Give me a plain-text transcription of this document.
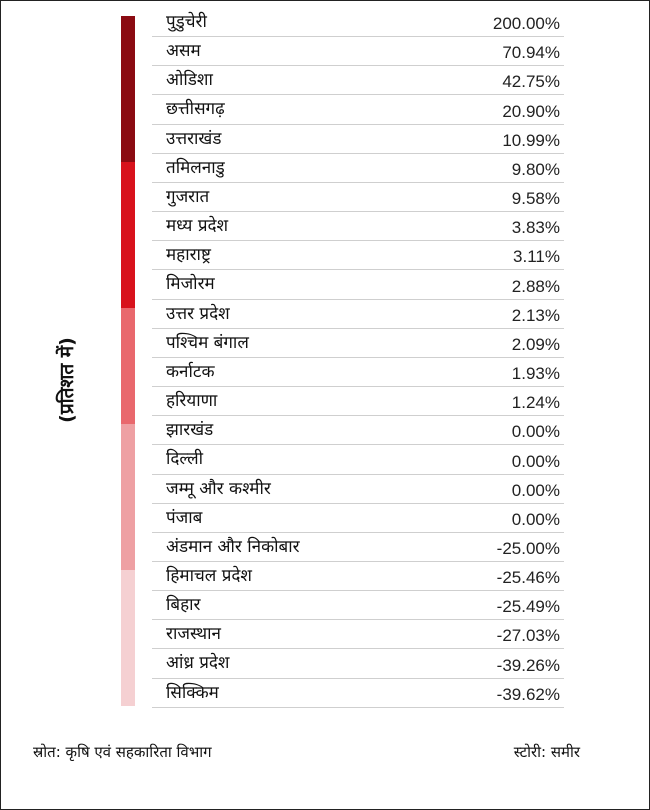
(प्रतिशत में)
पुडुचेरी	200.00%
असम	70.94%
ओडिशा	42.75%
छत्तीसगढ़	20.90%
उत्तराखंड	10.99%
तमिलनाडु	9.80%
गुजरात	9.58%
मध्य प्रदेश	3.83%
महाराष्ट्र	3.11%
मिजोरम	2.88%
उत्तर प्रदेश	2.13%
पश्चिम बंगाल	2.09%
कर्नाटक	1.93%
हरियाणा	1.24%
झारखंड	0.00%
दिल्ली	0.00%
जम्मू और कश्मीर	0.00%
पंजाब	0.00%
अंडमान और निकोबार	-25.00%
हिमाचल प्रदेश	-25.46%
बिहार	-25.49%
राजस्थान	-27.03%
आंध्र प्रदेश	-39.26%
सिक्किम	-39.62%
स्रोत: कृषि एवं सहकारिता विभाग	स्टोरी: समीर
